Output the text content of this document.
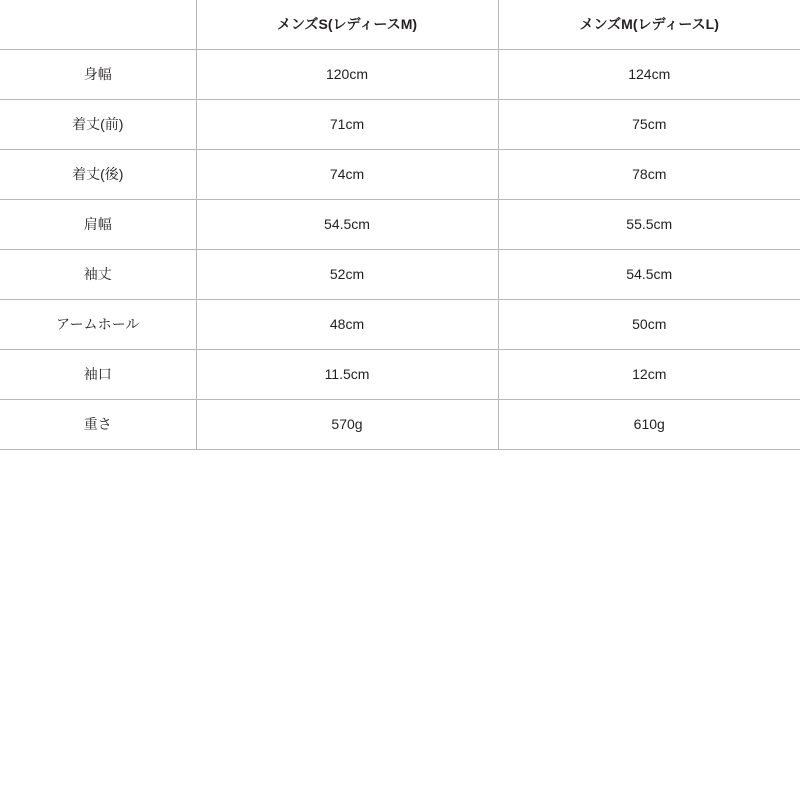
	メンズS(レディースM)	メンズM(レディースL)
身幅	120cm	124cm
着丈(前)	71cm	75cm
着丈(後)	74cm	78cm
肩幅	54.5cm	55.5cm
袖丈	52cm	54.5cm
アームホール	48cm	50cm
袖口	11.5cm	12cm
重さ	570g	610g
